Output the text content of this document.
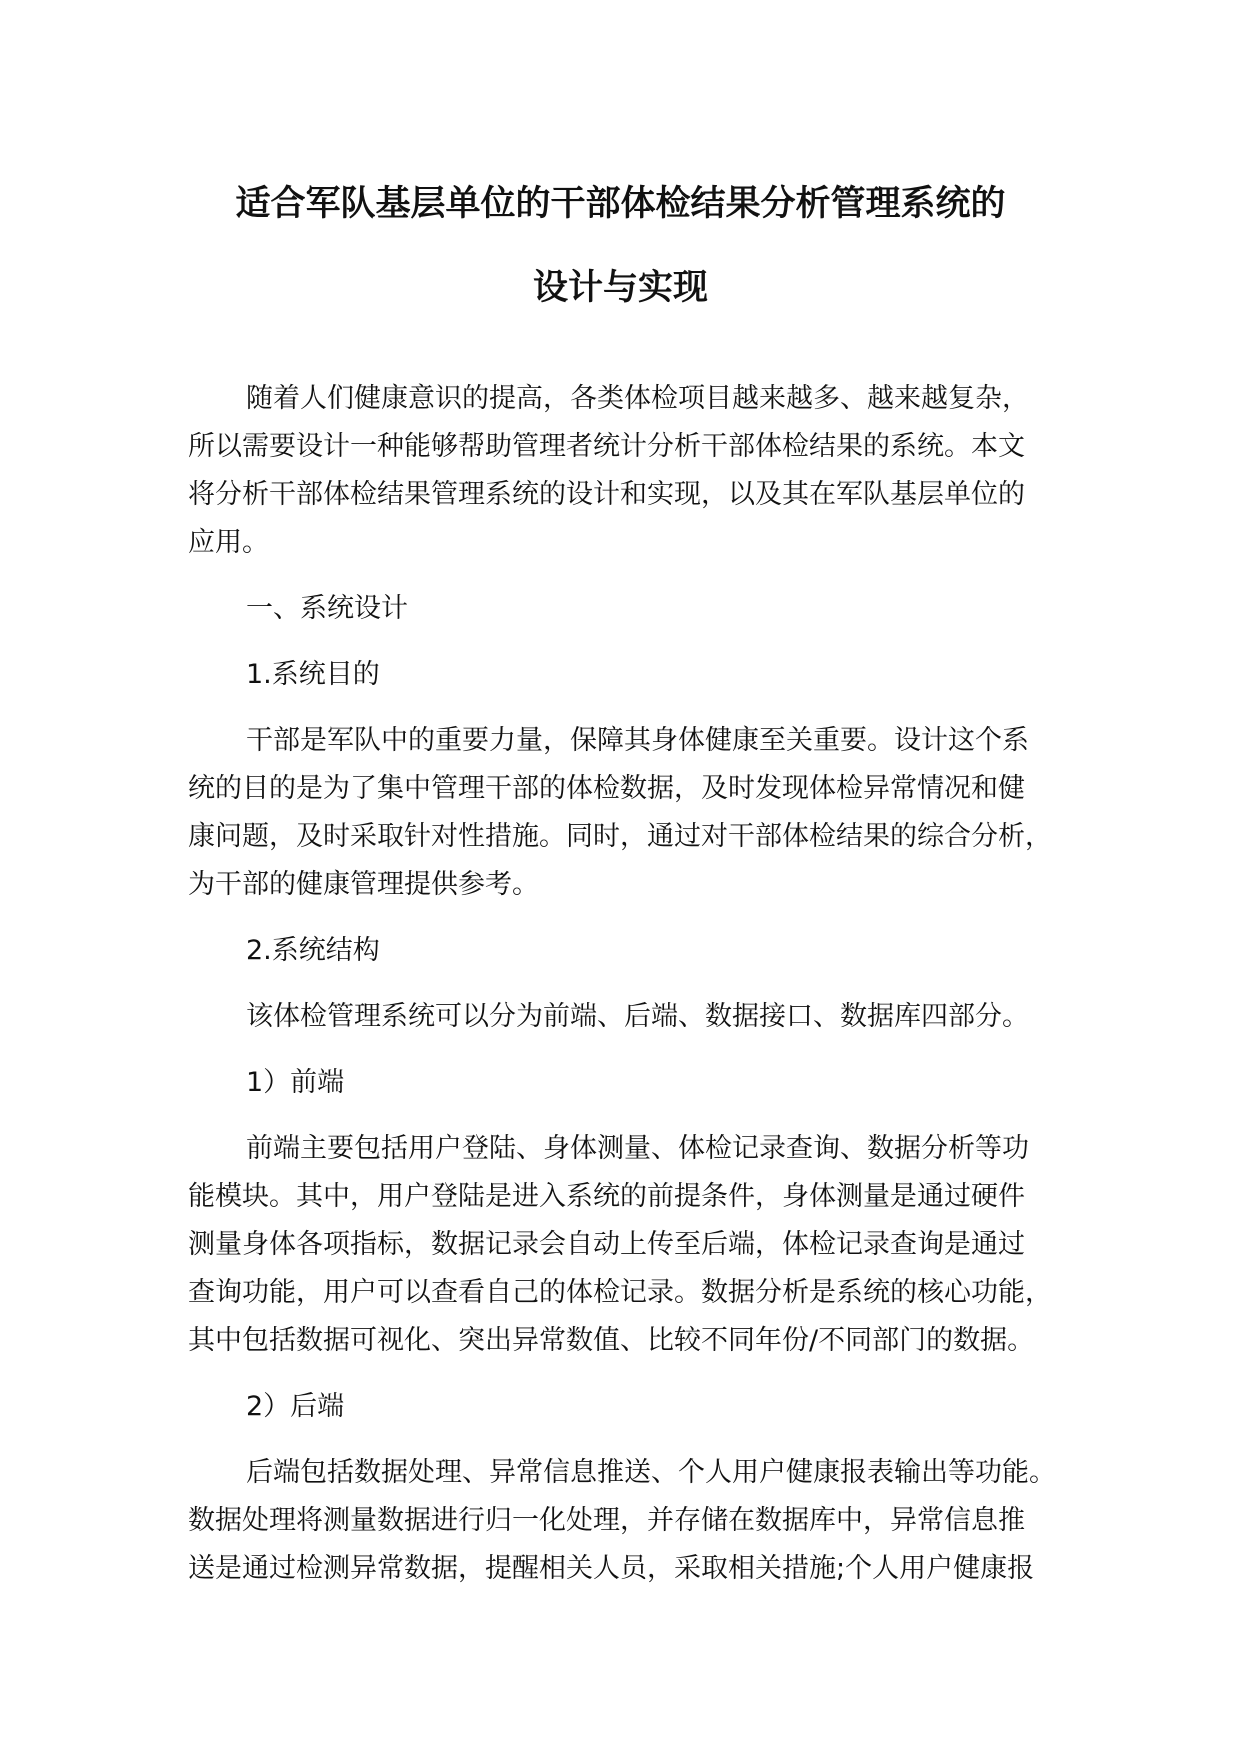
适合军队基层单位的干部体检结果分析管理系统的
设计与实现

随着人们健康意识的提高，各类体检项目越来越多、越来越复杂，
所以需要设计一种能够帮助管理者统计分析干部体检结果的系统。本文
将分析干部体检结果管理系统的设计和实现，以及其在军队基层单位的
应用。

一、系统设计

1.系统目的

干部是军队中的重要力量，保障其身体健康至关重要。设计这个系
统的目的是为了集中管理干部的体检数据，及时发现体检异常情况和健
康问题，及时采取针对性措施。同时，通过对干部体检结果的综合分析，
为干部的健康管理提供参考。

2.系统结构

该体检管理系统可以分为前端、后端、数据接口、数据库四部分。

1）前端

前端主要包括用户登陆、身体测量、体检记录查询、数据分析等功
能模块。其中，用户登陆是进入系统的前提条件，身体测量是通过硬件
测量身体各项指标，数据记录会自动上传至后端，体检记录查询是通过
查询功能，用户可以查看自己的体检记录。数据分析是系统的核心功能，
其中包括数据可视化、突出异常数值、比较不同年份/不同部门的数据。

2）后端

后端包括数据处理、异常信息推送、个人用户健康报表输出等功能。
数据处理将测量数据进行归一化处理，并存储在数据库中，异常信息推
送是通过检测异常数据，提醒相关人员，采取相关措施;个人用户健康报
